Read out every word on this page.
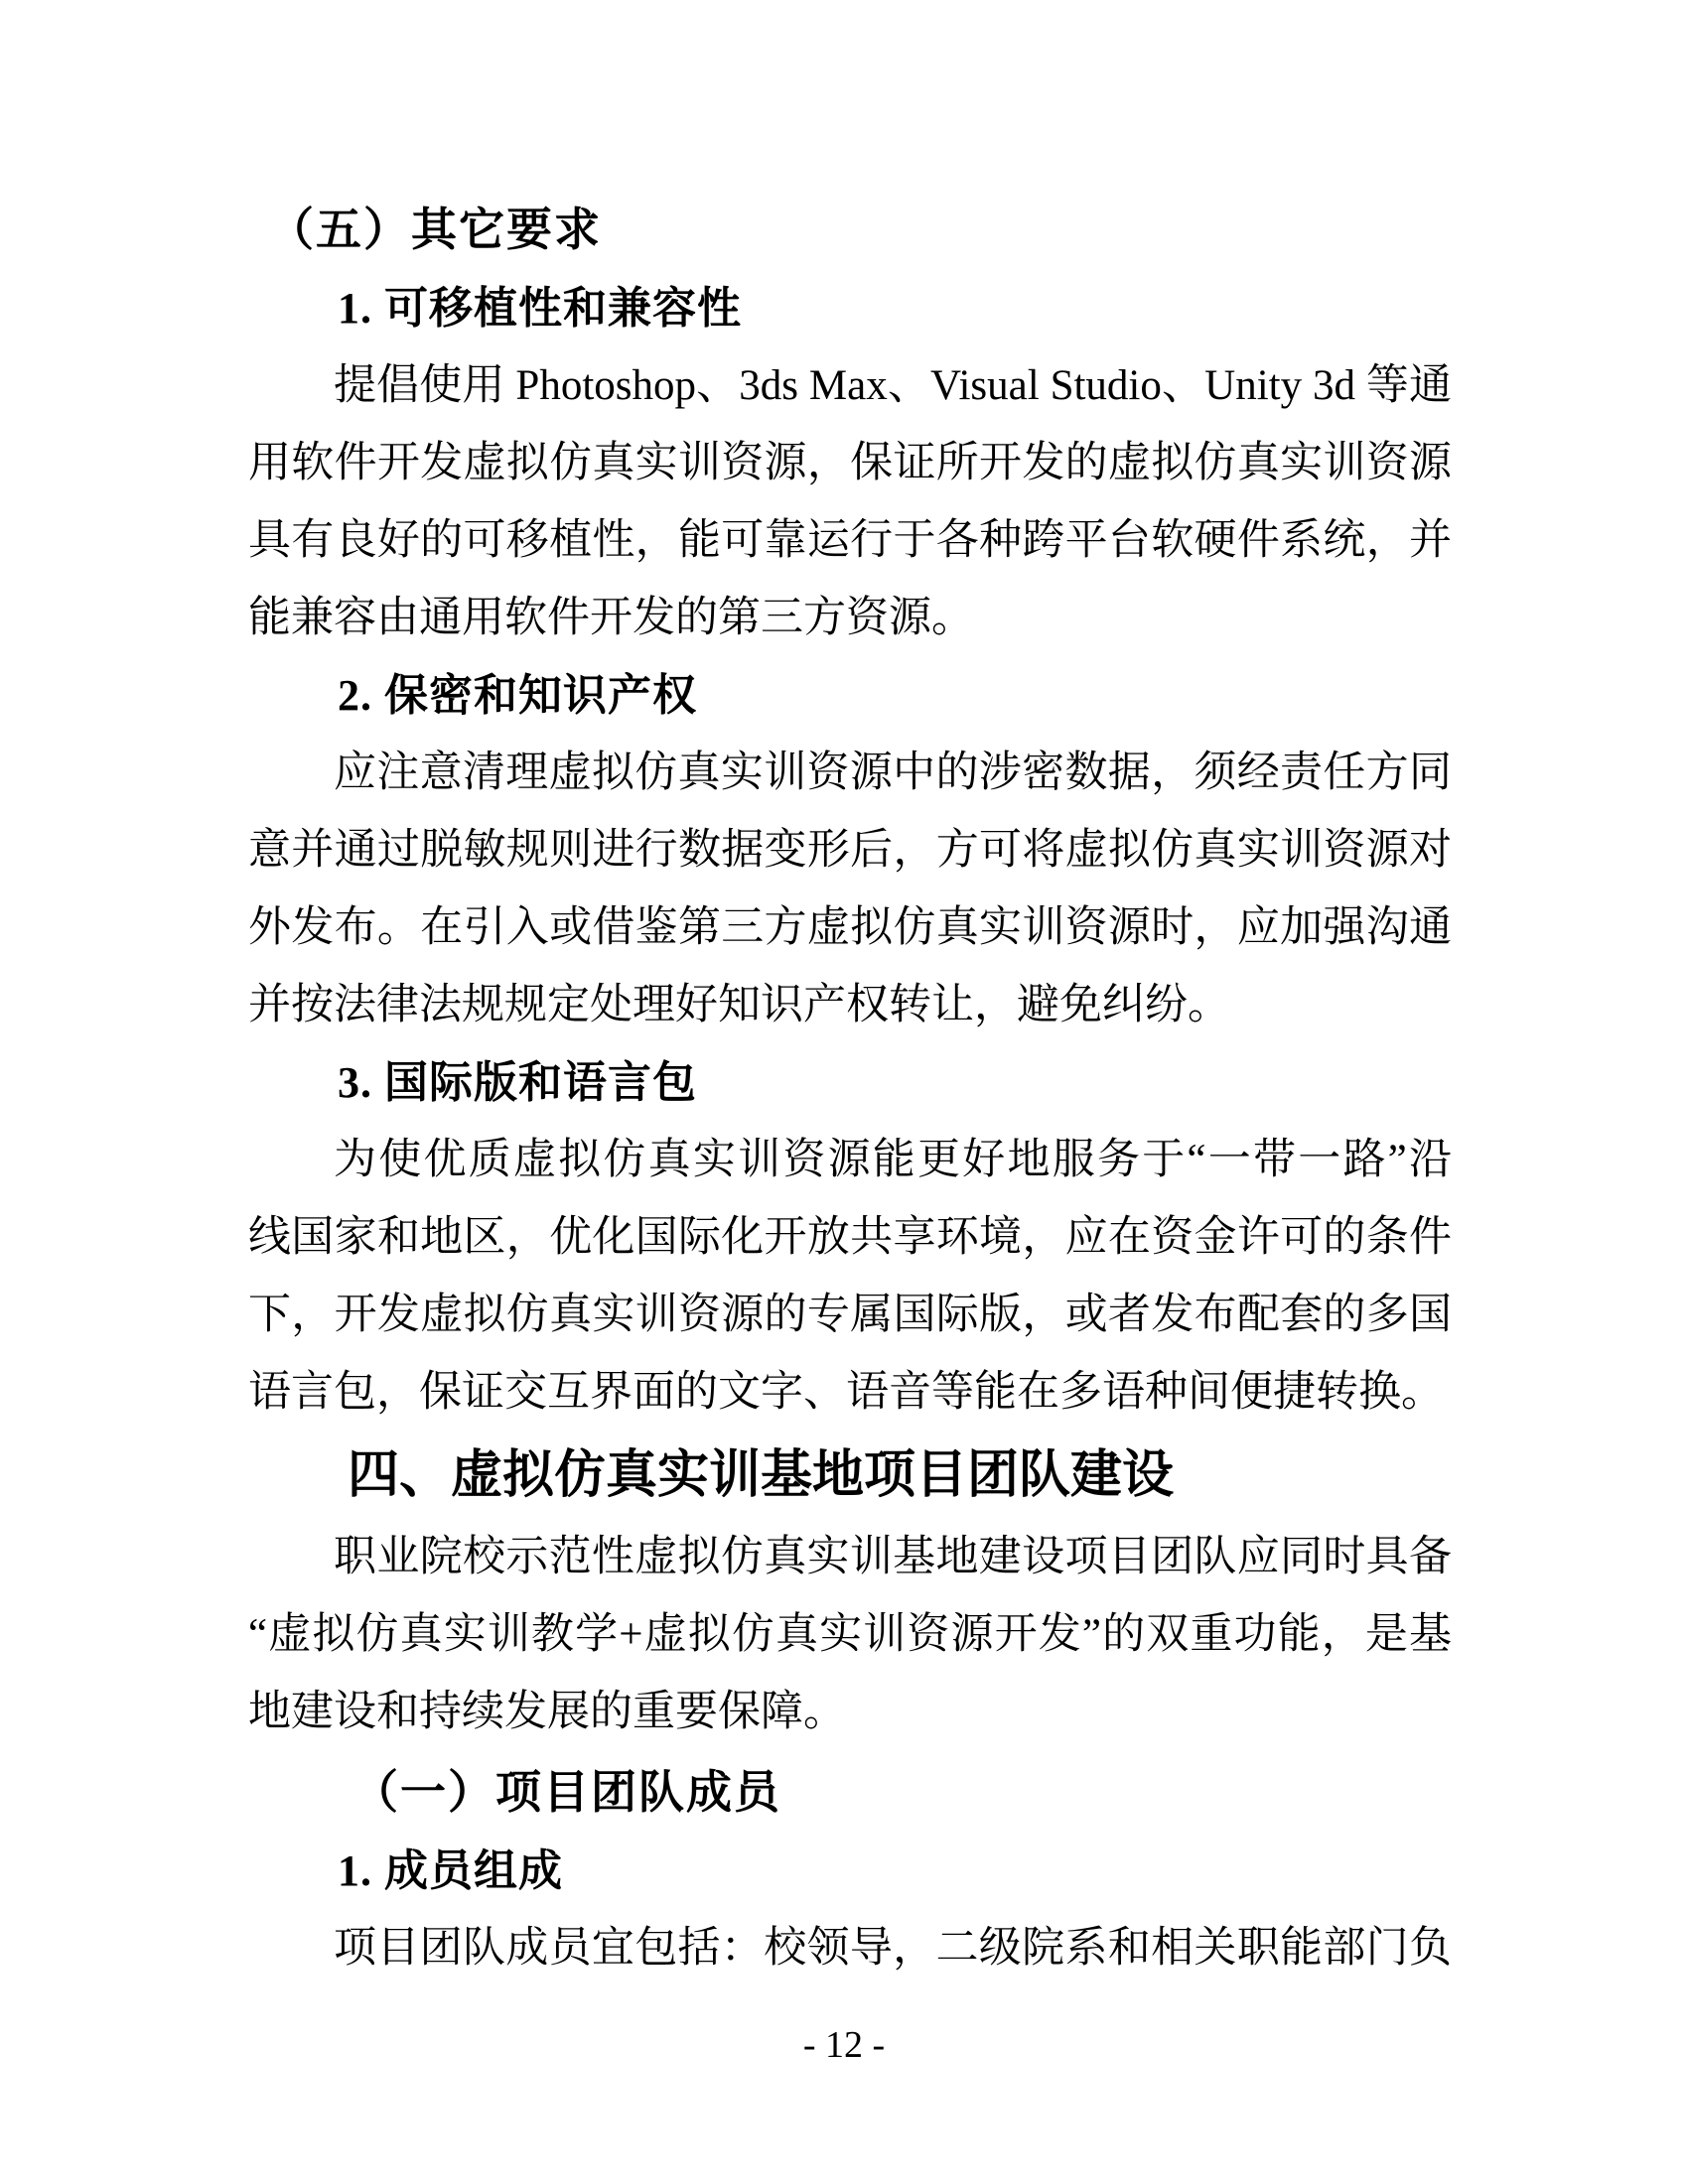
（五）其它要求
1. 可移植性和兼容性
提倡使用 Photoshop、3ds Max、Visual Studio、Unity 3d 等通
用软件开发虚拟仿真实训资源，保证所开发的虚拟仿真实训资源
具有良好的可移植性，能可靠运行于各种跨平台软硬件系统，并
能兼容由通用软件开发的第三方资源。
2. 保密和知识产权
应注意清理虚拟仿真实训资源中的涉密数据，须经责任方同
意并通过脱敏规则进行数据变形后，方可将虚拟仿真实训资源对
外发布。在引入或借鉴第三方虚拟仿真实训资源时，应加强沟通
并按法律法规规定处理好知识产权转让，避免纠纷。
3. 国际版和语言包
为使优质虚拟仿真实训资源能更好地服务于“一带一路”沿
线国家和地区，优化国际化开放共享环境，应在资金许可的条件
下，开发虚拟仿真实训资源的专属国际版，或者发布配套的多国
语言包，保证交互界面的文字、语音等能在多语种间便捷转换。
四、虚拟仿真实训基地项目团队建设
职业院校示范性虚拟仿真实训基地建设项目团队应同时具备
“虚拟仿真实训教学+虚拟仿真实训资源开发”的双重功能，是基
地建设和持续发展的重要保障。
（一）项目团队成员
1. 成员组成
项目团队成员宜包括：校领导，二级院系和相关职能部门负
- 12 -
